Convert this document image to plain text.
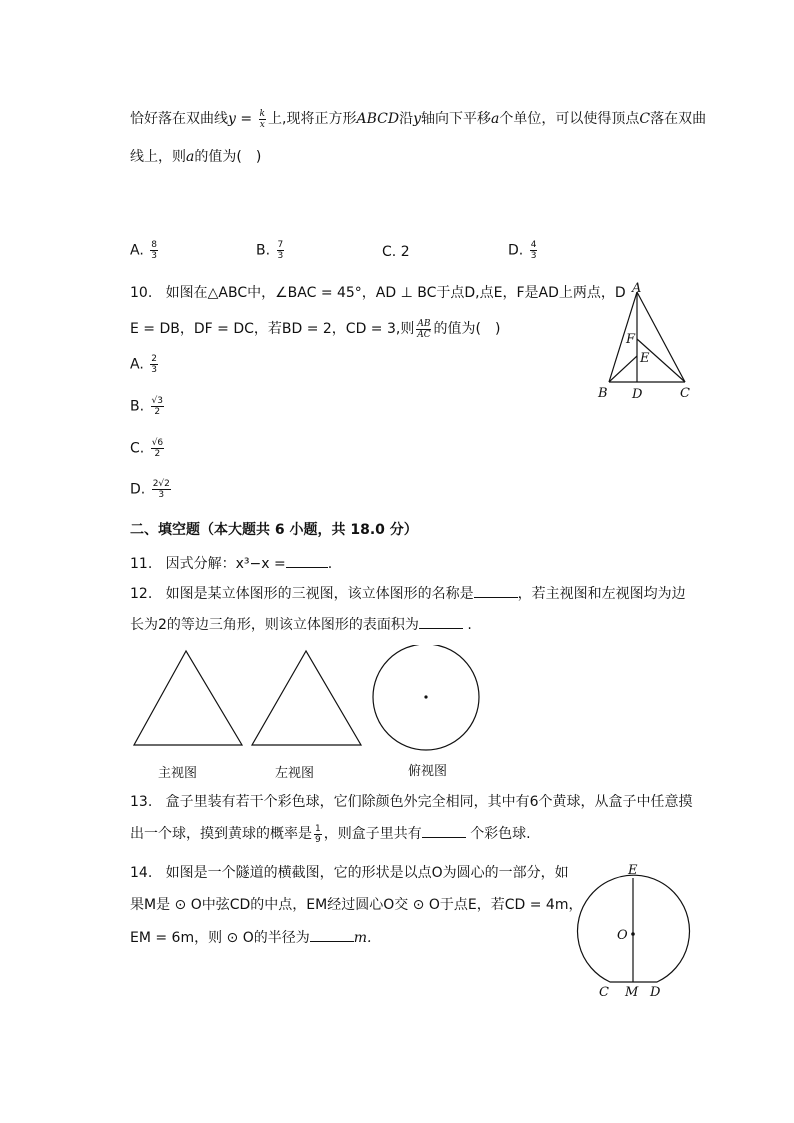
恰好落在双曲线$y = \frac{k}{x}$ 上,现将正方形ABCD沿y轴向下平移a个单位，可以使得顶点C落在双曲
线上，则a的值为(　)
A. $\frac{8}{3}$	B. $\frac{7}{3}$	C. 2	D. $\frac{4}{3}$
10. 如图在△ABC中，∠BAC = 45°，AD ⊥ BC于点D,点E，F是AD上两点，D
E = DB，DF = DC，若BD = 2，CD = 3,则 $\frac{AB}{AC}$ 的值为(　)
A. $\frac{2}{3}$
B. $\frac{√3}{2}$
C. $\frac{√6}{2}$
D. $\frac{2√2}{3}$
A
B D	C
F
E
二、填空题（本大题共 6 小题，共 18.0 分）
11. 因式分解：x³−x =	.
12. 如图是某立体图形的三视图，该立体图形的名称是	，若主视图和左视图均为边
长为2的等边三角形，则该立体图形的表面积为	.
主视图	左视图	俯视图
13. 盒子里装有若干个彩色球，它们除颜色外完全相同，其中有6个黄球，从盒子中任意摸
出一个球，摸到黄球的概率是 $\frac{1}{9}$ ，则盒子里共有	个彩色球.
14. 如图是一个隧道的横截图，它的形状是以点O为圆心的一部分，如
果M是 ⊙ O中弦CD的中点，EM经过圆心O交 ⊙ O于点E，若CD = 4m，
EM = 6m，则 ⊙ O的半径为	m.
E
O
C M D
